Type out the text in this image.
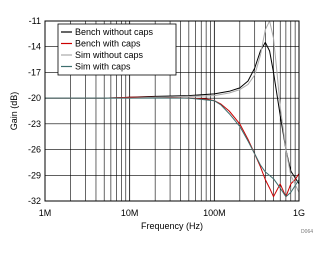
1M	10M	100M	1G
-11
-14
-17
-20
-23
-26
-29
-32
Frequency (Hz)
Gain (dB)
Bench without caps
Bench with caps
Sim without caps
Sim with caps
D064
